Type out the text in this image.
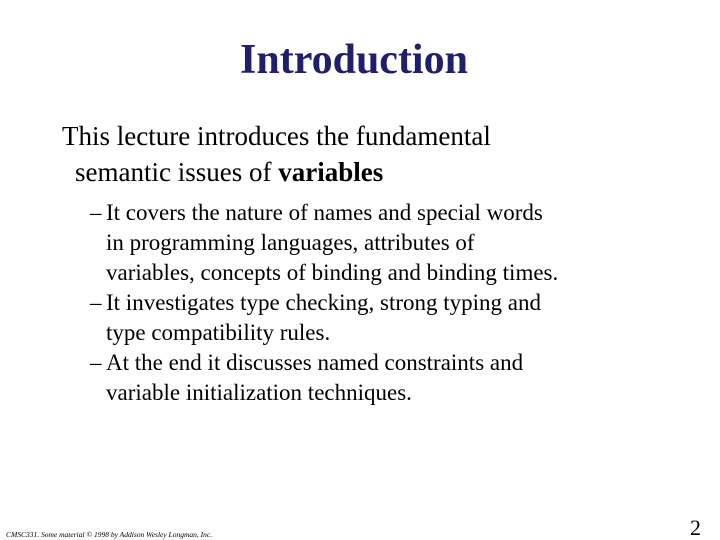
Introduction
This lecture introduces the fundamental
semantic issues of variables
– It covers the nature of names and special words
in programming languages, attributes of
variables, concepts of binding and binding times.
– It investigates type checking, strong typing and
type compatibility rules.
– At the end it discusses named constraints and
variable initialization techniques.
CMSC331. Some material © 1998 by Addison Wesley Longman, Inc.	2
